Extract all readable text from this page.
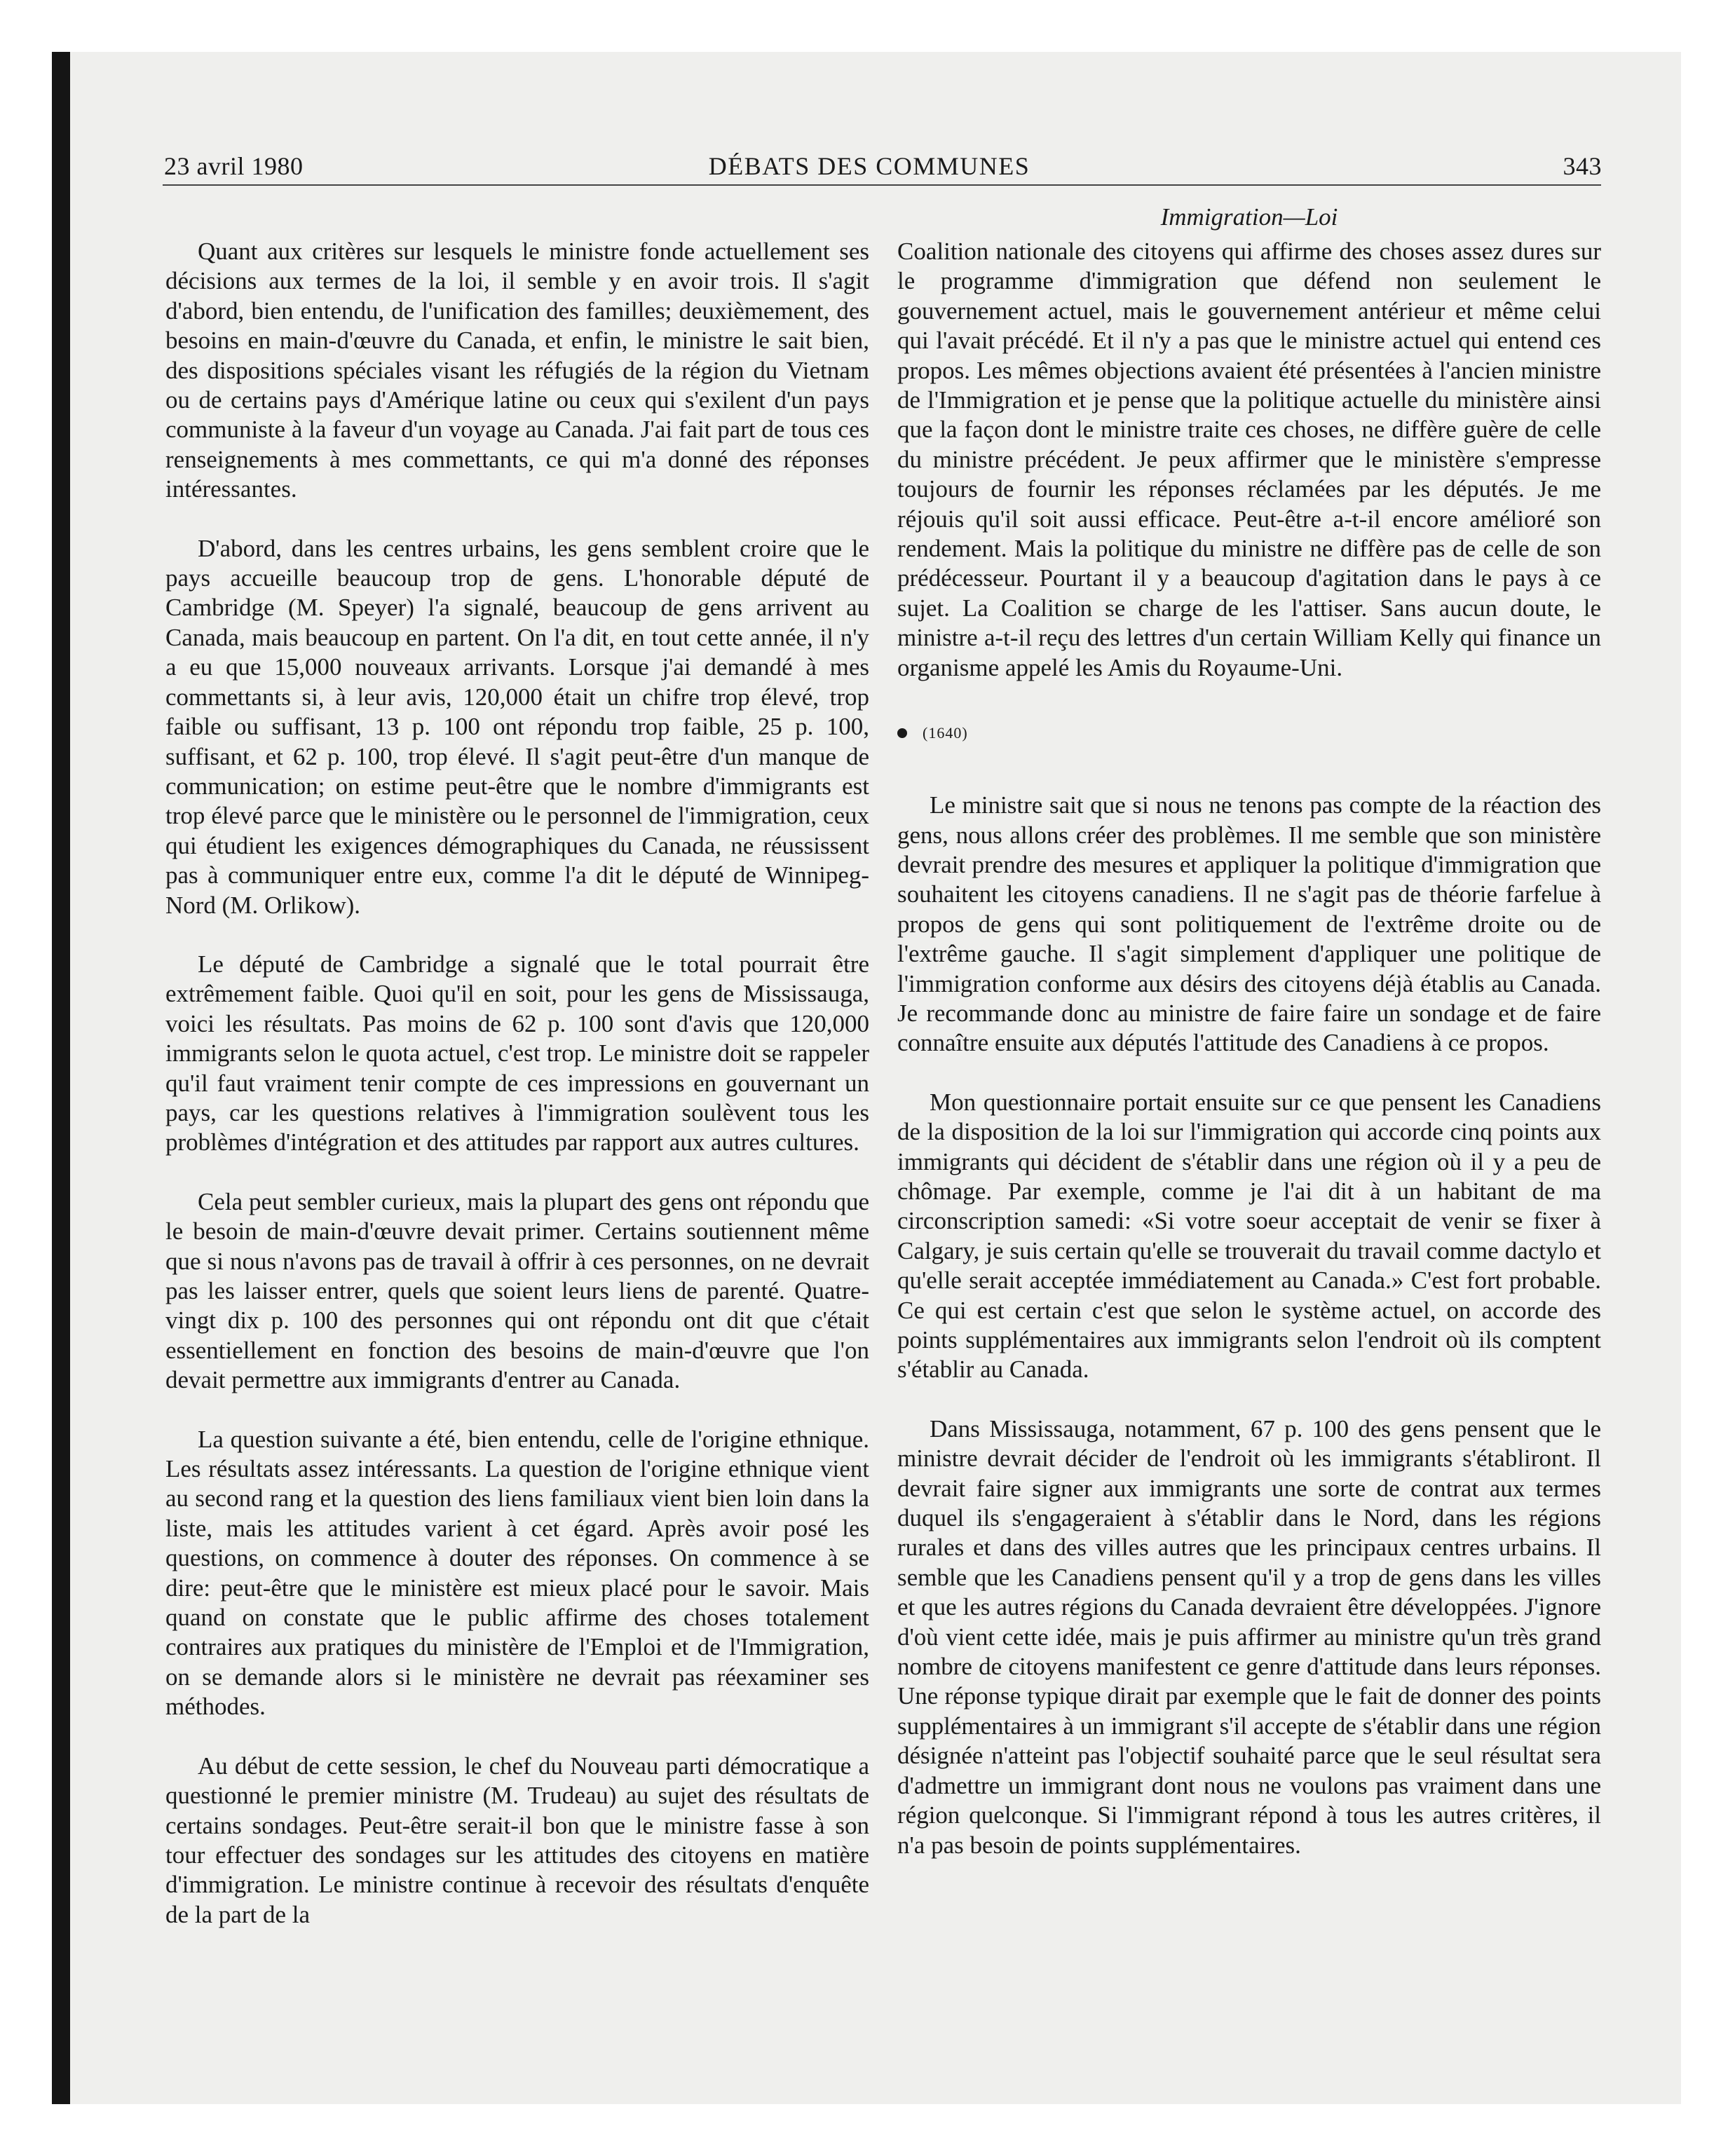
23 avril 1980	DÉBATS DES COMMUNES	343
Immigration—Loi

Quant aux critères sur lesquels le ministre fonde actuellement ses décisions aux termes de la loi, il semble y en avoir trois. Il s'agit d'abord, bien entendu, de l'unification des familles; deuxièmement, des besoins en main-d'œuvre du Canada, et enfin, le ministre le sait bien, des dispositions spéciales visant les réfugiés de la région du Vietnam ou de certains pays d'Amérique latine ou ceux qui s'exilent d'un pays communiste à la faveur d'un voyage au Canada. J'ai fait part de tous ces renseignements à mes commettants, ce qui m'a donné des réponses intéressantes.

D'abord, dans les centres urbains, les gens semblent croire que le pays accueille beaucoup trop de gens. L'honorable député de Cambridge (M. Speyer) l'a signalé, beaucoup de gens arrivent au Canada, mais beaucoup en partent. On l'a dit, en tout cette année, il n'y a eu que 15,000 nouveaux arrivants. Lorsque j'ai demandé à mes commettants si, à leur avis, 120,000 était un chifre trop élevé, trop faible ou suffisant, 13 p. 100 ont répondu trop faible, 25 p. 100, suffisant, et 62 p. 100, trop élevé. Il s'agit peut-être d'un manque de communication; on estime peut-être que le nombre d'immigrants est trop élevé parce que le ministère ou le personnel de l'immigration, ceux qui étudient les exigences démographiques du Canada, ne réussissent pas à communiquer entre eux, comme l'a dit le député de Winnipeg-Nord (M. Orlikow).

Le député de Cambridge a signalé que le total pourrait être extrêmement faible. Quoi qu'il en soit, pour les gens de Mississauga, voici les résultats. Pas moins de 62 p. 100 sont d'avis que 120,000 immigrants selon le quota actuel, c'est trop. Le ministre doit se rappeler qu'il faut vraiment tenir compte de ces impressions en gouvernant un pays, car les questions relatives à l'immigration soulèvent tous les problèmes d'intégration et des attitudes par rapport aux autres cultures.

Cela peut sembler curieux, mais la plupart des gens ont répondu que le besoin de main-d'œuvre devait primer. Certains soutiennent même que si nous n'avons pas de travail à offrir à ces personnes, on ne devrait pas les laisser entrer, quels que soient leurs liens de parenté. Quatre-vingt dix p. 100 des personnes qui ont répondu ont dit que c'était essentiellement en fonction des besoins de main-d'œuvre que l'on devait permettre aux immigrants d'entrer au Canada.

La question suivante a été, bien entendu, celle de l'origine ethnique. Les résultats assez intéressants. La question de l'origine ethnique vient au second rang et la question des liens familiaux vient bien loin dans la liste, mais les attitudes varient à cet égard. Après avoir posé les questions, on commence à douter des réponses. On commence à se dire: peut-être que le ministère est mieux placé pour le savoir. Mais quand on constate que le public affirme des choses totalement contraires aux pratiques du ministère de l'Emploi et de l'Immigration, on se demande alors si le ministère ne devrait pas réexaminer ses méthodes.

Au début de cette session, le chef du Nouveau parti démocratique a questionné le premier ministre (M. Trudeau) au sujet des résultats de certains sondages. Peut-être serait-il bon que le ministre fasse à son tour effectuer des sondages sur les attitudes des citoyens en matière d'immigration. Le ministre continue à recevoir des résultats d'enquête de la part de la

Coalition nationale des citoyens qui affirme des choses assez dures sur le programme d'immigration que défend non seulement le gouvernement actuel, mais le gouvernement antérieur et même celui qui l'avait précédé. Et il n'y a pas que le ministre actuel qui entend ces propos. Les mêmes objections avaient été présentées à l'ancien ministre de l'Immigration et je pense que la politique actuelle du ministère ainsi que la façon dont le ministre traite ces choses, ne diffère guère de celle du ministre précédent. Je peux affirmer que le ministère s'empresse toujours de fournir les réponses réclamées par les députés. Je me réjouis qu'il soit aussi efficace. Peut-être a-t-il encore amélioré son rendement. Mais la politique du ministre ne diffère pas de celle de son prédécesseur. Pourtant il y a beaucoup d'agitation dans le pays à ce sujet. La Coalition se charge de les l'attiser. Sans aucun doute, le ministre a-t-il reçu des lettres d'un certain William Kelly qui finance un organisme appelé les Amis du Royaume-Uni.

(1640)

Le ministre sait que si nous ne tenons pas compte de la réaction des gens, nous allons créer des problèmes. Il me semble que son ministère devrait prendre des mesures et appliquer la politique d'immigration que souhaitent les citoyens canadiens. Il ne s'agit pas de théorie farfelue à propos de gens qui sont politiquement de l'extrême droite ou de l'extrême gauche. Il s'agit simplement d'appliquer une politique de l'immigration conforme aux désirs des citoyens déjà établis au Canada. Je recommande donc au ministre de faire faire un sondage et de faire connaître ensuite aux députés l'attitude des Canadiens à ce propos.

Mon questionnaire portait ensuite sur ce que pensent les Canadiens de la disposition de la loi sur l'immigration qui accorde cinq points aux immigrants qui décident de s'établir dans une région où il y a peu de chômage. Par exemple, comme je l'ai dit à un habitant de ma circonscription samedi: «Si votre soeur acceptait de venir se fixer à Calgary, je suis certain qu'elle se trouverait du travail comme dactylo et qu'elle serait acceptée immédiatement au Canada.» C'est fort probable. Ce qui est certain c'est que selon le système actuel, on accorde des points supplémentaires aux immigrants selon l'endroit où ils comptent s'établir au Canada.

Dans Mississauga, notamment, 67 p. 100 des gens pensent que le ministre devrait décider de l'endroit où les immigrants s'établiront. Il devrait faire signer aux immigrants une sorte de contrat aux termes duquel ils s'engageraient à s'établir dans le Nord, dans les régions rurales et dans des villes autres que les principaux centres urbains. Il semble que les Canadiens pensent qu'il y a trop de gens dans les villes et que les autres régions du Canada devraient être développées. J'ignore d'où vient cette idée, mais je puis affirmer au ministre qu'un très grand nombre de citoyens manifestent ce genre d'attitude dans leurs réponses. Une réponse typique dirait par exemple que le fait de donner des points supplémentaires à un immigrant s'il accepte de s'établir dans une région désignée n'atteint pas l'objectif souhaité parce que le seul résultat sera d'admettre un immigrant dont nous ne voulons pas vraiment dans une région quelconque. Si l'immigrant répond à tous les autres critères, il n'a pas besoin de points supplémentaires.
